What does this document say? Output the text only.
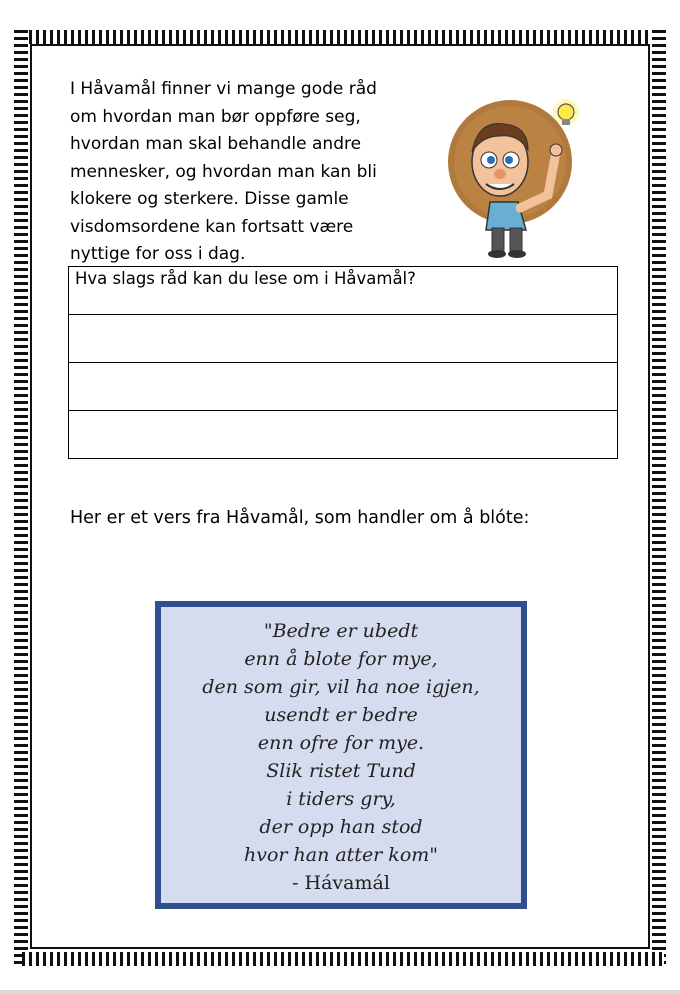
I Håvamål finner vi mange gode råd
om hvordan man bør oppføre seg,
hvordan man skal behandle andre
mennesker, og hvordan man kan bli
klokere og sterkere. Disse gamle
visdomsordene kan fortsatt være
nyttige for oss i dag.

Hva slags råd kan du lese om i Håvamål?

Her er et vers fra Håvamål, som handler om å blóte:

"Bedre er ubedt
enn å blote for mye,
den som gir, vil ha noe igjen,
usendt er bedre
enn ofre for mye.
Slik ristet Tund
i tiders gry,
der opp han stod
hvor han atter kom"
- Hávamál
